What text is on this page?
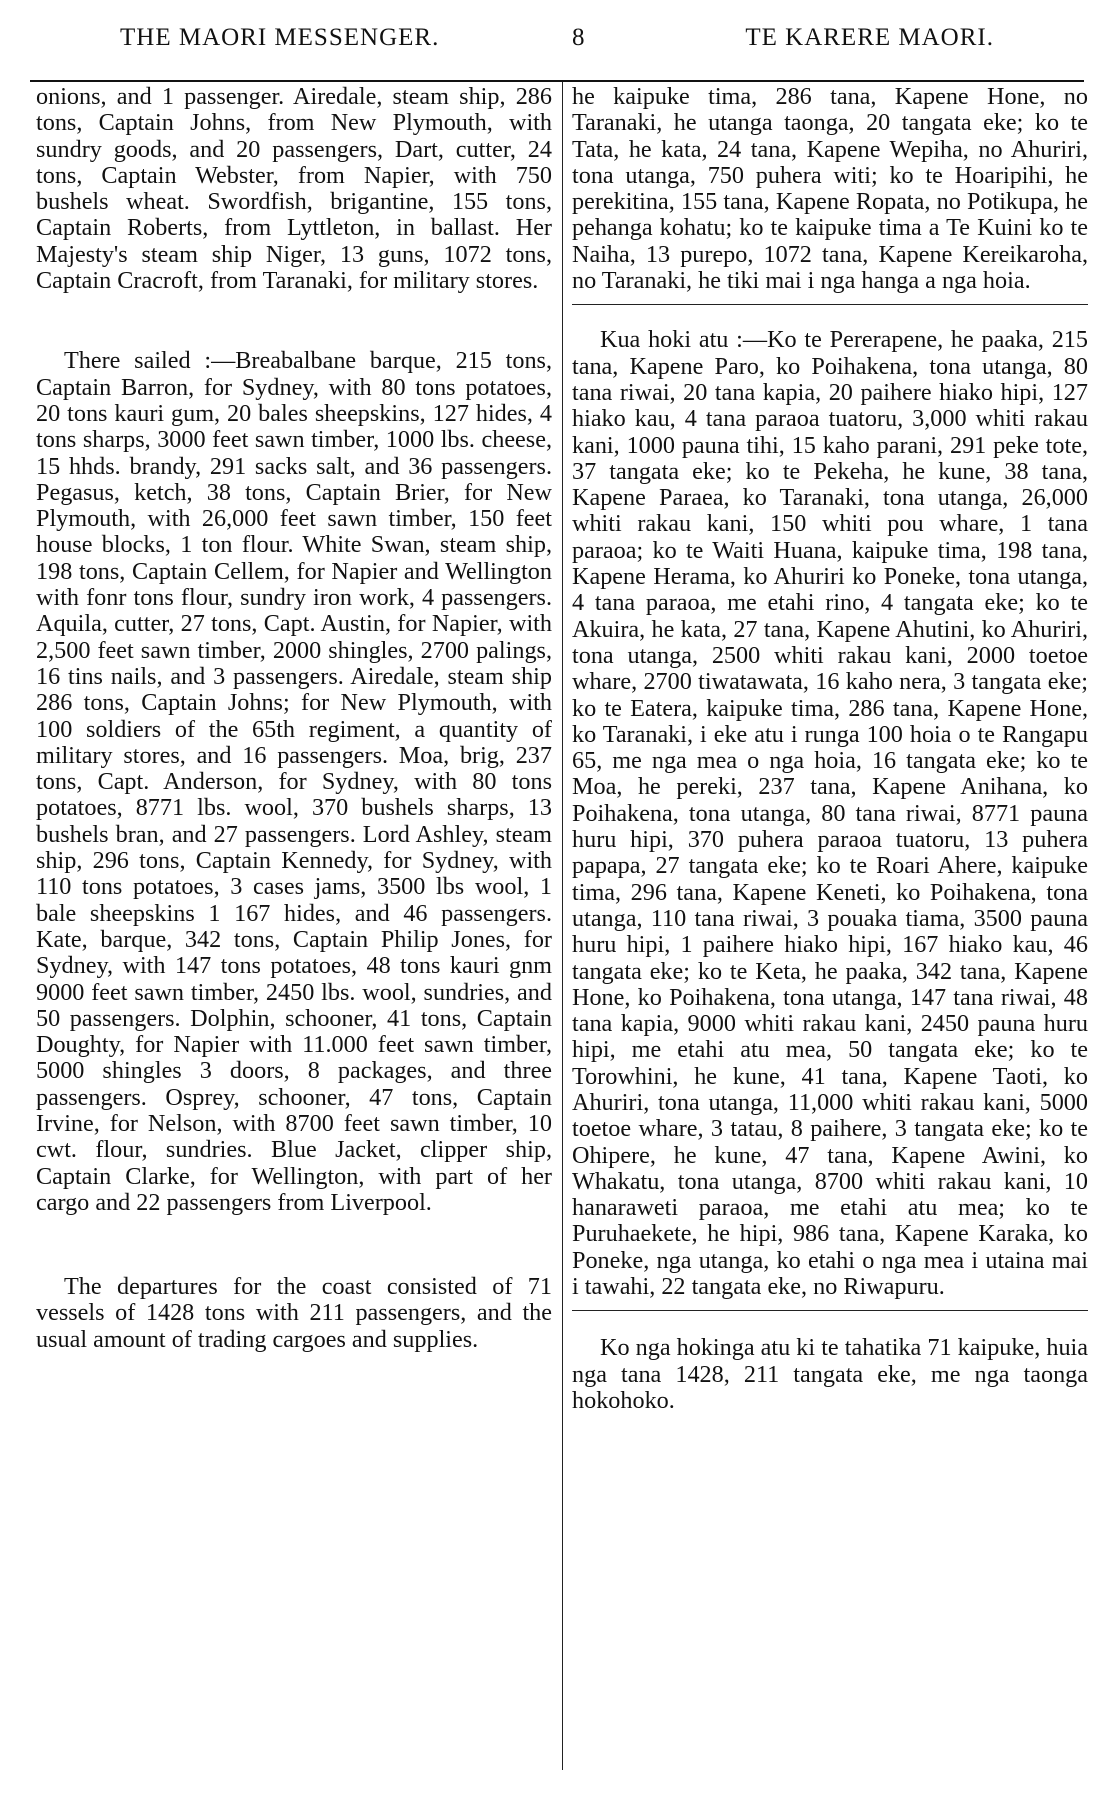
THE MAORI MESSENGER.	8	TE KARERE MAORI.

onions, and 1 passenger. Airedale, steam ship, 286 tons, Captain Johns, from New Plymouth, with sundry goods, and 20 passengers, Dart, cutter, 24 tons, Captain Webster, from Napier, with 750 bushels wheat. Swordfish, brigantine, 155 tons, Captain Roberts, from Lyttleton, in ballast. Her Majesty's steam ship Niger, 13 guns, 1072 tons, Captain Cracroft, from Taranaki, for military stores.

There sailed :—Breabalbane barque, 215 tons, Captain Barron, for Sydney, with 80 tons potatoes, 20 tons kauri gum, 20 bales sheepskins, 127 hides, 4 tons sharps, 3000 feet sawn timber, 1000 lbs. cheese, 15 hhds. brandy, 291 sacks salt, and 36 passengers. Pegasus, ketch, 38 tons, Captain Brier, for New Plymouth, with 26,000 feet sawn timber, 150 feet house blocks, 1 ton flour. White Swan, steam ship, 198 tons, Captain Cellem, for Napier and Wellington with fonr tons flour, sundry iron work, 4 passengers. Aquila, cutter, 27 tons, Capt. Austin, for Napier, with 2,500 feet sawn timber, 2000 shingles, 2700 palings, 16 tins nails, and 3 passengers. Airedale, steam ship 286 tons, Captain Johns; for New Plymouth, with 100 soldiers of the 65th regiment, a quantity of military stores, and 16 passengers. Moa, brig, 237 tons, Capt. Anderson, for Sydney, with 80 tons potatoes, 8771 lbs. wool, 370 bushels sharps, 13 bushels bran, and 27 passengers. Lord Ashley, steam ship, 296 tons, Captain Kennedy, for Sydney, with 110 tons potatoes, 3 cases jams, 3500 lbs wool, 1 bale sheepskins 1 167 hides, and 46 passengers. Kate, barque, 342 tons, Captain Philip Jones, for Sydney, with 147 tons potatoes, 48 tons kauri gnm 9000 feet sawn timber, 2450 lbs. wool, sundries, and 50 passengers. Dolphin, schooner, 41 tons, Captain Doughty, for Napier with 11.000 feet sawn timber, 5000 shingles 3 doors, 8 packages, and three passengers. Osprey, schooner, 47 tons, Captain Irvine, for Nelson, with 8700 feet sawn timber, 10 cwt. flour, sundries. Blue Jacket, clipper ship, Captain Clarke, for Wellington, with part of her cargo and 22 passengers from Liverpool.

The departures for the coast consisted of 71 vessels of 1428 tons with 211 passengers, and the usual amount of trading cargoes and supplies.

he kaipuke tima, 286 tana, Kapene Hone, no Taranaki, he utanga taonga, 20 tangata eke; ko te Tata, he kata, 24 tana, Kapene Wepiha, no Ahuriri, tona utanga, 750 puhera witi; ko te Hoaripihi, he perekitina, 155 tana, Kapene Ropata, no Potikupa, he pehanga kohatu; ko te kaipuke tima a Te Kuini ko te Naiha, 13 purepo, 1072 tana, Kapene Kereikaroha, no Taranaki, he tiki mai i nga hanga a nga hoia.

Kua hoki atu :—Ko te Pererapene, he paaka, 215 tana, Kapene Paro, ko Poihakena, tona utanga, 80 tana riwai, 20 tana kapia, 20 paihere hiako hipi, 127 hiako kau, 4 tana paraoa tuatoru, 3,000 whiti rakau kani, 1000 pauna tihi, 15 kaho parani, 291 peke tote, 37 tangata eke; ko te Pekeha, he kune, 38 tana, Kapene Paraea, ko Taranaki, tona utanga, 26,000 whiti rakau kani, 150 whiti pou whare, 1 tana paraoa; ko te Waiti Huana, kaipuke tima, 198 tana, Kapene Herama, ko Ahuriri ko Poneke, tona utanga, 4 tana paraoa, me etahi rino, 4 tangata eke; ko te Akuira, he kata, 27 tana, Kapene Ahutini, ko Ahuriri, tona utanga, 2500 whiti rakau kani, 2000 toetoe whare, 2700 tiwatawata, 16 kaho nera, 3 tangata eke; ko te Eatera, kaipuke tima, 286 tana, Kapene Hone, ko Taranaki, i eke atu i runga 100 hoia o te Rangapu 65, me nga mea o nga hoia, 16 tangata eke; ko te Moa, he pereki, 237 tana, Kapene Anihana, ko Poihakena, tona utanga, 80 tana riwai, 8771 pauna huru hipi, 370 puhera paraoa tuatoru, 13 puhera papapa, 27 tangata eke; ko te Roari Ahere, kaipuke tima, 296 tana, Kapene Keneti, ko Poihakena, tona utanga, 110 tana riwai, 3 pouaka tiama, 3500 pauna huru hipi, 1 paihere hiako hipi, 167 hiako kau, 46 tangata eke; ko te Keta, he paaka, 342 tana, Kapene Hone, ko Poihakena, tona utanga, 147 tana riwai, 48 tana kapia, 9000 whiti rakau kani, 2450 pauna huru hipi, me etahi atu mea, 50 tangata eke; ko te Torowhini, he kune, 41 tana, Kapene Taoti, ko Ahuriri, tona utanga, 11,000 whiti rakau kani, 5000 toetoe whare, 3 tatau, 8 paihere, 3 tangata eke; ko te Ohipere, he kune, 47 tana, Kapene Awini, ko Whakatu, tona utanga, 8700 whiti rakau kani, 10 hanaraweti paraoa, me etahi atu mea; ko te Puruhaekete, he hipi, 986 tana, Kapene Karaka, ko Poneke, nga utanga, ko etahi o nga mea i utaina mai i tawahi, 22 tangata eke, no Riwapuru.

Ko nga hokinga atu ki te tahatika 71 kaipuke, huia nga tana 1428, 211 tangata eke, me nga taonga hokohoko.
